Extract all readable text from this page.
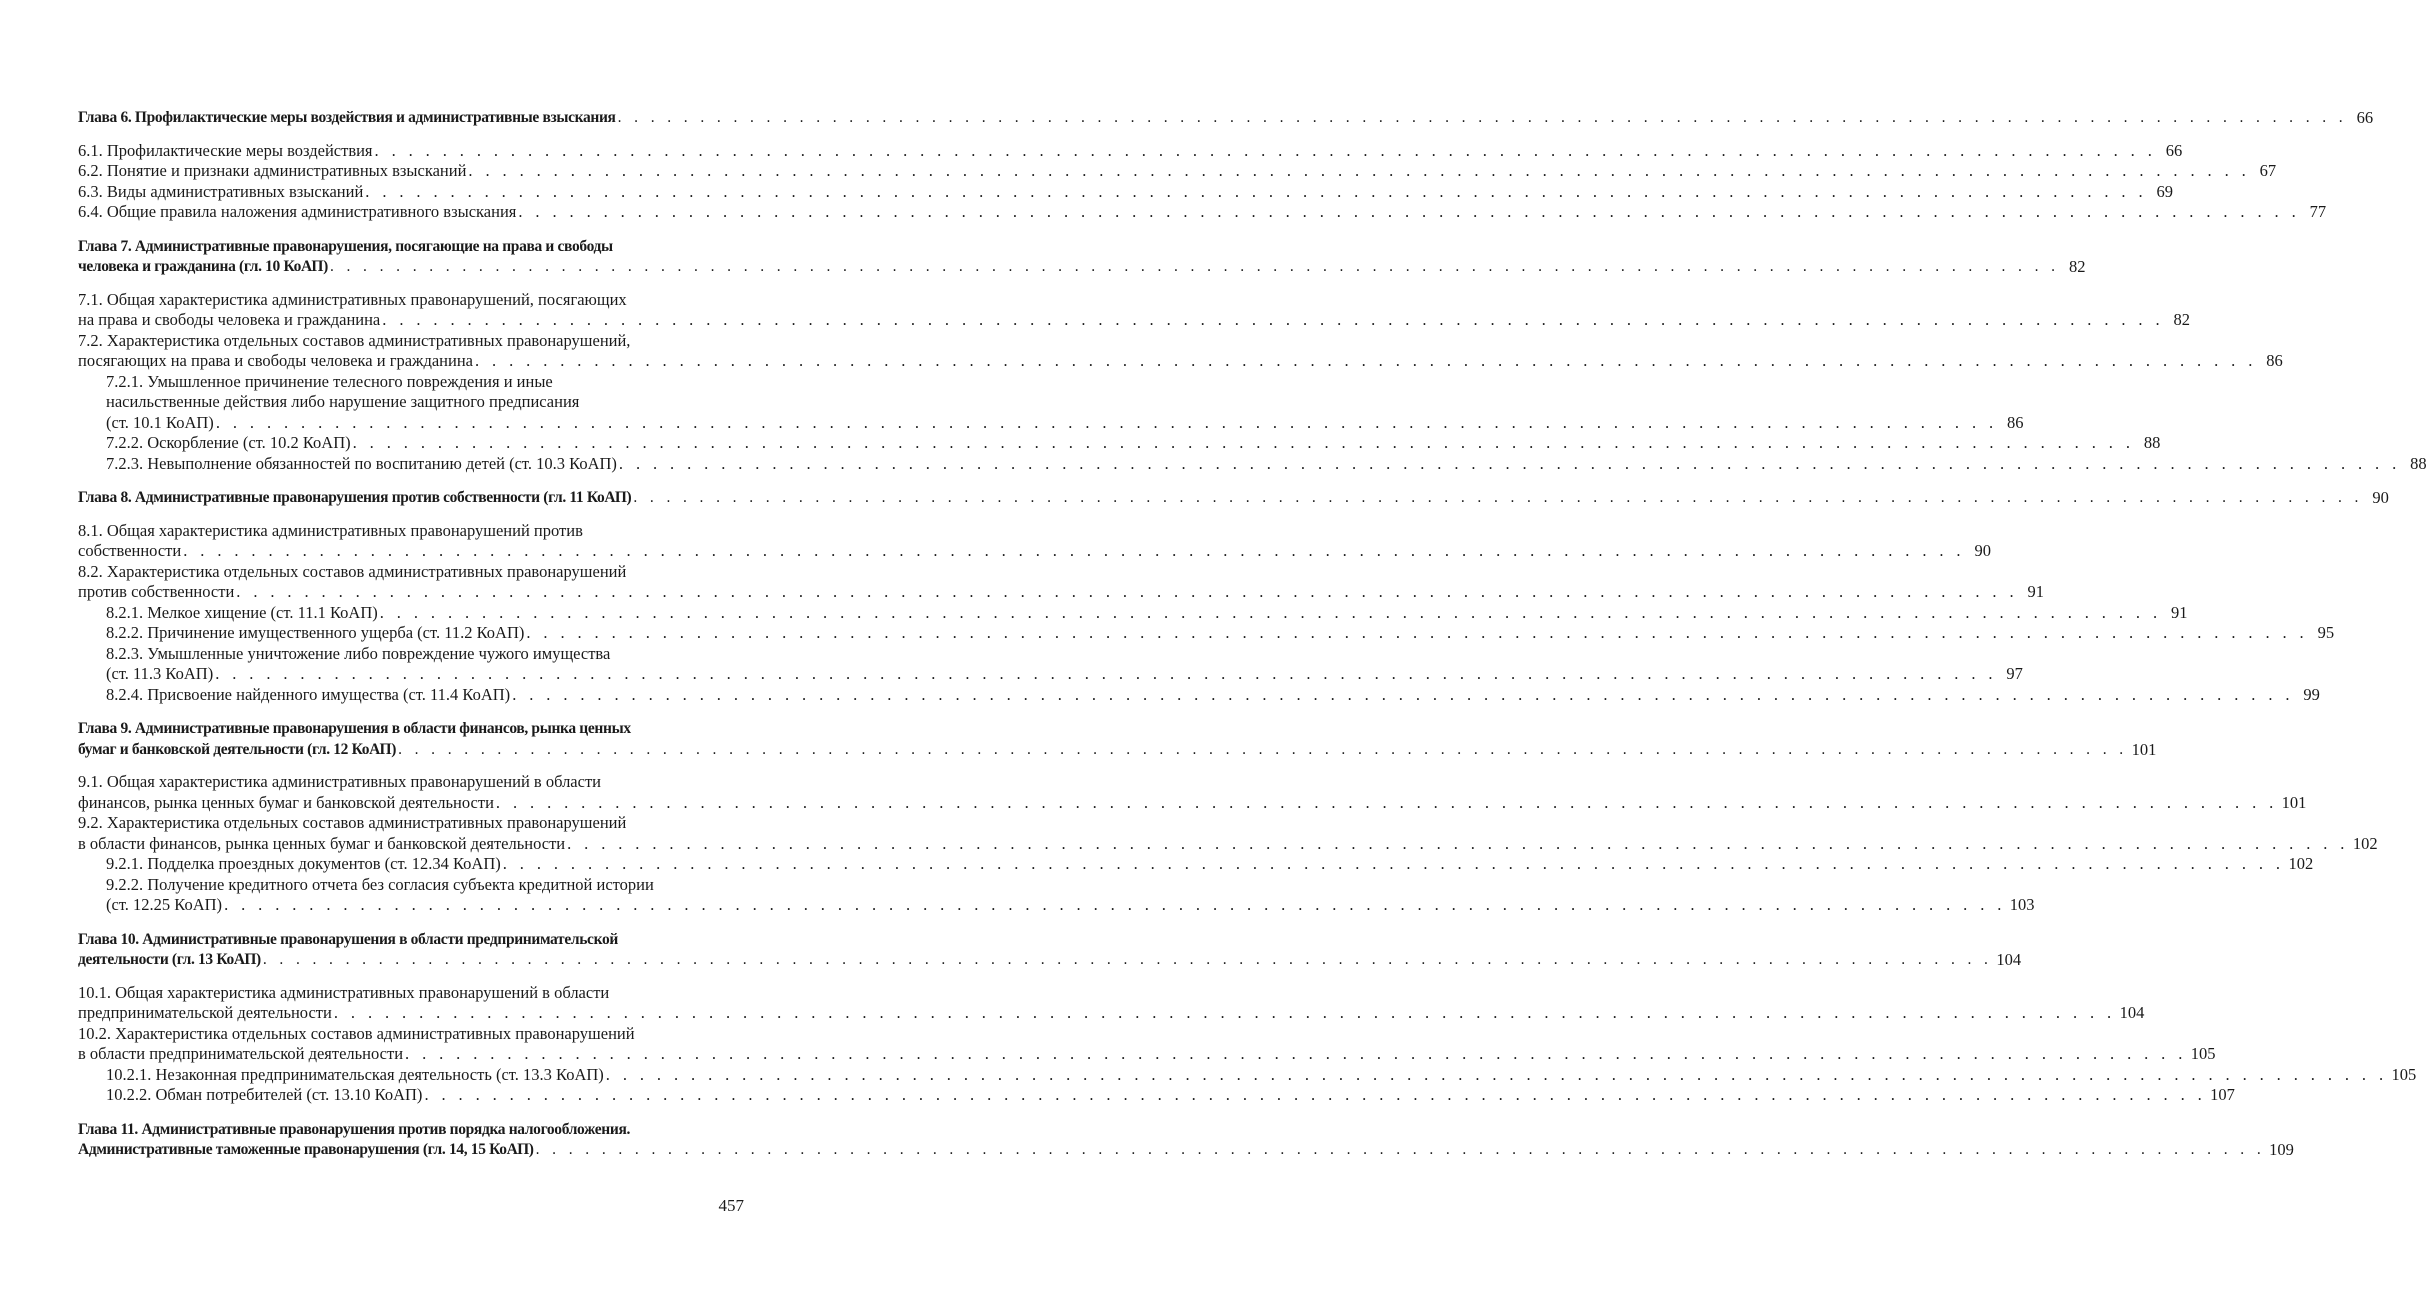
Глава 6. Профилактические меры воздействия и административные взыскания . . . . . . . . . . . . . . . . . . . . . . . . . . . . . . . . . . . . . . . . . . . . . . . . . . . . . . . . . . . . . . . . . . . . . . . . . . . . . . . . . . . . . . . . . . . . . . . . . . . . . . . . . 66
6.1. Профилактические меры воздействия . . . . . . . . . . . . . . . . . . . . . . . . . . . . . . . . . . . . . . . . . . . . . . . . . . . . . . . . . . . . . . . . . . . . . . . . . . . . . . . . . . . . . . . . . . . . . . . . . . . . . . . . . 66
6.2. Понятие и признаки административных взысканий . . . . . . . . . . . . . . . . . . . . . . . . . . . . . . . . . . . . . . . . . . . . . . . . . . . . . . . . . . . . . . . . . . . . . . . . . . . . . . . . . . . . . . . . . . . . . . . . . . . . . . . . . 67
6.3. Виды административных взысканий . . . . . . . . . . . . . . . . . . . . . . . . . . . . . . . . . . . . . . . . . . . . . . . . . . . . . . . . . . . . . . . . . . . . . . . . . . . . . . . . . . . . . . . . . . . . . . . . . . . . . . . . . 69
6.4. Общие правила наложения административного взыскания . . . . . . . . . . . . . . . . . . . . . . . . . . . . . . . . . . . . . . . . . . . . . . . . . . . . . . . . . . . . . . . . . . . . . . . . . . . . . . . . . . . . . . . . . . . . . . . . . . . . . . . . . 77
Глава 7. Административные правонарушения, посягающие на права и свободы
человека и гражданина (гл. 10 КоАП) . . . . . . . . . . . . . . . . . . . . . . . . . . . . . . . . . . . . . . . . . . . . . . . . . . . . . . . . . . . . . . . . . . . . . . . . . . . . . . . . . . . . . . . . . . . . . . . . . . . . . . . . . 82
7.1. Общая характеристика административных правонарушений, посягающих
на права и свободы человека и гражданина . . . . . . . . . . . . . . . . . . . . . . . . . . . . . . . . . . . . . . . . . . . . . . . . . . . . . . . . . . . . . . . . . . . . . . . . . . . . . . . . . . . . . . . . . . . . . . . . . . . . . . . . . 82
7.2. Характеристика отдельных составов административных правонарушений,
посягающих на права и свободы человека и гражданина . . . . . . . . . . . . . . . . . . . . . . . . . . . . . . . . . . . . . . . . . . . . . . . . . . . . . . . . . . . . . . . . . . . . . . . . . . . . . . . . . . . . . . . . . . . . . . . . . . . . . . . . . 86
7.2.1. Умышленное причинение телесного повреждения и иные
насильственные действия либо нарушение защитного предписания
(ст. 10.1 КоАП) . . . . . . . . . . . . . . . . . . . . . . . . . . . . . . . . . . . . . . . . . . . . . . . . . . . . . . . . . . . . . . . . . . . . . . . . . . . . . . . . . . . . . . . . . . . . . . . . . . . . . . . . . 86
7.2.2. Оскорбление (ст. 10.2 КоАП) . . . . . . . . . . . . . . . . . . . . . . . . . . . . . . . . . . . . . . . . . . . . . . . . . . . . . . . . . . . . . . . . . . . . . . . . . . . . . . . . . . . . . . . . . . . . . . . . . . . . . . . . . 88
7.2.3. Невыполнение обязанностей по воспитанию детей (ст. 10.3 КоАП) . . . . . . . . . . . . . . . . . . . . . . . . . . . . . . . . . . . . . . . . . . . . . . . . . . . . . . . . . . . . . . . . . . . . . . . . . . . . . . . . . . . . . . . . . . . . . . . . . . . . . . . . . 88
Глава 8. Административные правонарушения против собственности (гл. 11 КоАП) . . . . . . . . . . . . . . . . . . . . . . . . . . . . . . . . . . . . . . . . . . . . . . . . . . . . . . . . . . . . . . . . . . . . . . . . . . . . . . . . . . . . . . . . . . . . . . . . . . . . . . . . . 90
8.1. Общая характеристика административных правонарушений против
собственности . . . . . . . . . . . . . . . . . . . . . . . . . . . . . . . . . . . . . . . . . . . . . . . . . . . . . . . . . . . . . . . . . . . . . . . . . . . . . . . . . . . . . . . . . . . . . . . . . . . . . . . . . 90
8.2. Характеристика отдельных составов административных правонарушений
против собственности . . . . . . . . . . . . . . . . . . . . . . . . . . . . . . . . . . . . . . . . . . . . . . . . . . . . . . . . . . . . . . . . . . . . . . . . . . . . . . . . . . . . . . . . . . . . . . . . . . . . . . . . . 91
8.2.1. Мелкое хищение (ст. 11.1 КоАП) . . . . . . . . . . . . . . . . . . . . . . . . . . . . . . . . . . . . . . . . . . . . . . . . . . . . . . . . . . . . . . . . . . . . . . . . . . . . . . . . . . . . . . . . . . . . . . . . . . . . . . . . . 91
8.2.2. Причинение имущественного ущерба (ст. 11.2 КоАП) . . . . . . . . . . . . . . . . . . . . . . . . . . . . . . . . . . . . . . . . . . . . . . . . . . . . . . . . . . . . . . . . . . . . . . . . . . . . . . . . . . . . . . . . . . . . . . . . . . . . . . . . . 95
8.2.3. Умышленные уничтожение либо повреждение чужого имущества
(ст. 11.3 КоАП) . . . . . . . . . . . . . . . . . . . . . . . . . . . . . . . . . . . . . . . . . . . . . . . . . . . . . . . . . . . . . . . . . . . . . . . . . . . . . . . . . . . . . . . . . . . . . . . . . . . . . . . . . 97
8.2.4. Присвоение найденного имущества (ст. 11.4 КоАП) . . . . . . . . . . . . . . . . . . . . . . . . . . . . . . . . . . . . . . . . . . . . . . . . . . . . . . . . . . . . . . . . . . . . . . . . . . . . . . . . . . . . . . . . . . . . . . . . . . . . . . . . . 99
Глава 9. Административные правонарушения в области финансов, рынка ценных
бумаг и банковской деятельности (гл. 12 КоАП) . . . . . . . . . . . . . . . . . . . . . . . . . . . . . . . . . . . . . . . . . . . . . . . . . . . . . . . . . . . . . . . . . . . . . . . . . . . . . . . . . . . . . . . . . . . . . . . . . . . . . . . . . 101
9.1. Общая характеристика административных правонарушений в области
финансов, рынка ценных бумаг и банковской деятельности . . . . . . . . . . . . . . . . . . . . . . . . . . . . . . . . . . . . . . . . . . . . . . . . . . . . . . . . . . . . . . . . . . . . . . . . . . . . . . . . . . . . . . . . . . . . . . . . . . . . . . . . . 101
9.2. Характеристика отдельных составов административных правонарушений
в области финансов, рынка ценных бумаг и банковской деятельности . . . . . . . . . . . . . . . . . . . . . . . . . . . . . . . . . . . . . . . . . . . . . . . . . . . . . . . . . . . . . . . . . . . . . . . . . . . . . . . . . . . . . . . . . . . . . . . . . . . . . . . . . 102
9.2.1. Подделка проездных документов (ст. 12.34 КоАП) . . . . . . . . . . . . . . . . . . . . . . . . . . . . . . . . . . . . . . . . . . . . . . . . . . . . . . . . . . . . . . . . . . . . . . . . . . . . . . . . . . . . . . . . . . . . . . . . . . . . . . . . . 102
9.2.2. Получение кредитного отчета без согласия субъекта кредитной истории
(ст. 12.25 КоАП) . . . . . . . . . . . . . . . . . . . . . . . . . . . . . . . . . . . . . . . . . . . . . . . . . . . . . . . . . . . . . . . . . . . . . . . . . . . . . . . . . . . . . . . . . . . . . . . . . . . . . . . . . 103
Глава 10. Административные правонарушения в области предпринимательской
деятельности (гл. 13 КоАП) . . . . . . . . . . . . . . . . . . . . . . . . . . . . . . . . . . . . . . . . . . . . . . . . . . . . . . . . . . . . . . . . . . . . . . . . . . . . . . . . . . . . . . . . . . . . . . . . . . . . . . . . . 104
10.1. Общая характеристика административных правонарушений в области
предпринимательской деятельности . . . . . . . . . . . . . . . . . . . . . . . . . . . . . . . . . . . . . . . . . . . . . . . . . . . . . . . . . . . . . . . . . . . . . . . . . . . . . . . . . . . . . . . . . . . . . . . . . . . . . . . . . 104
10.2. Характеристика отдельных составов административных правонарушений
в области предпринимательской деятельности . . . . . . . . . . . . . . . . . . . . . . . . . . . . . . . . . . . . . . . . . . . . . . . . . . . . . . . . . . . . . . . . . . . . . . . . . . . . . . . . . . . . . . . . . . . . . . . . . . . . . . . . . 105
10.2.1. Незаконная предпринимательская деятельность (ст. 13.3 КоАП) . . . . . . . . . . . . . . . . . . . . . . . . . . . . . . . . . . . . . . . . . . . . . . . . . . . . . . . . . . . . . . . . . . . . . . . . . . . . . . . . . . . . . . . . . . . . . . . . . . . . . . . . . 105
10.2.2. Обман потребителей (ст. 13.10 КоАП) . . . . . . . . . . . . . . . . . . . . . . . . . . . . . . . . . . . . . . . . . . . . . . . . . . . . . . . . . . . . . . . . . . . . . . . . . . . . . . . . . . . . . . . . . . . . . . . . . . . . . . . . . 107
Глава 11. Административные правонарушения против порядка налогообложения.
Административные таможенные правонарушения (гл. 14, 15 КоАП) . . . . . . . . . . . . . . . . . . . . . . . . . . . . . . . . . . . . . . . . . . . . . . . . . . . . . . . . . . . . . . . . . . . . . . . . . . . . . . . . . . . . . . . . . . . . . . . . . . . . . . . . . 109
457
